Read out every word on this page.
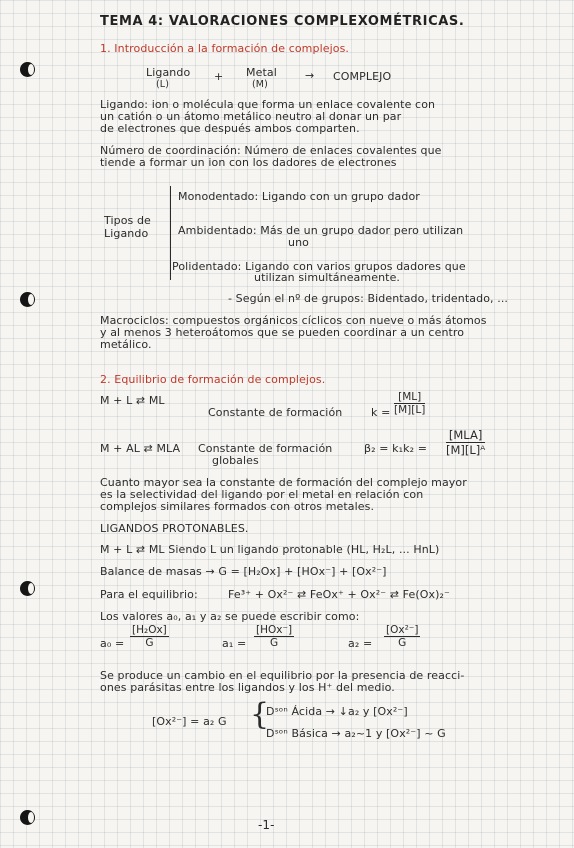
TEMA 4: VALORACIONES COMPLEXOMÉTRICAS.
1. Introducción a la formación de complejos.
Ligando
(L)
+ Metal
(M)
→ COMPLEJO
Ligando: ion o molécula que forma un enlace covalente con
un catión o un átomo metálico neutro al donar un par
de electrones que después ambos comparten.
Número de coordinación: Número de enlaces covalentes que
tiende a formar un ion con los dadores de electrones
Tipos de
Ligando
Monodentado: Ligando con un grupo dador
Ambidentado: Más de un grupo dador pero utilizan
uno
Polidentado: Ligando con varios grupos dadores que
utilizan simultáneamente.
- Según el nº de grupos: Bidentado, tridentado, ...
Macrociclos: compuestos orgánicos cíclicos con nueve o más átomos
y al menos 3 heteroátomos que se pueden coordinar a un centro
metálico.
2. Equilibrio de formación de complejos.
M + L ⇄ ML
Constante de formación	$k = \frac{[ML]}{[M][L]}$
M + AL ⇄ MLA Constante de formación
globales
β₂ = k₁k₂ =
[MLA]
[M][L]ᴬ
Cuanto mayor sea la constante de formación del complejo mayor
es la selectividad del ligando por el metal en relación con
complejos similares formados con otros metales.
LIGANDOS PROTONABLES.
M + L ⇄ ML Siendo L un ligando protonable (HL, H₂L, ... HnL)
Balance de masas → G = [H₂Ox] + [HOx⁻] + [Ox²⁻]
Para el equilibrio:	Fe³⁺ + Ox²⁻ ⇄ FeOx⁺ + Ox²⁻ ⇄ Fe(Ox)₂⁻
Los valores a₀, a₁ y a₂ se puede escribir como:
$a_0 = \frac{\text{[H₂Ox]}}{G}$	a₁ =
[HOx⁻]
G	$a_2 = \frac{\text{[Ox²⁻]}}{G}$
Se produce un cambio en el equilibrio por la presencia de reacci-
ones parásitas entre los ligandos y los H⁺ del medio.
[Ox²⁻] = a₂ G {
Dˢᵒⁿ Ácida → ↓a₂ y [Ox²⁻]
Dˢᵒⁿ Básica → a₂~1 y [Ox²⁻] ~ G
-1-
